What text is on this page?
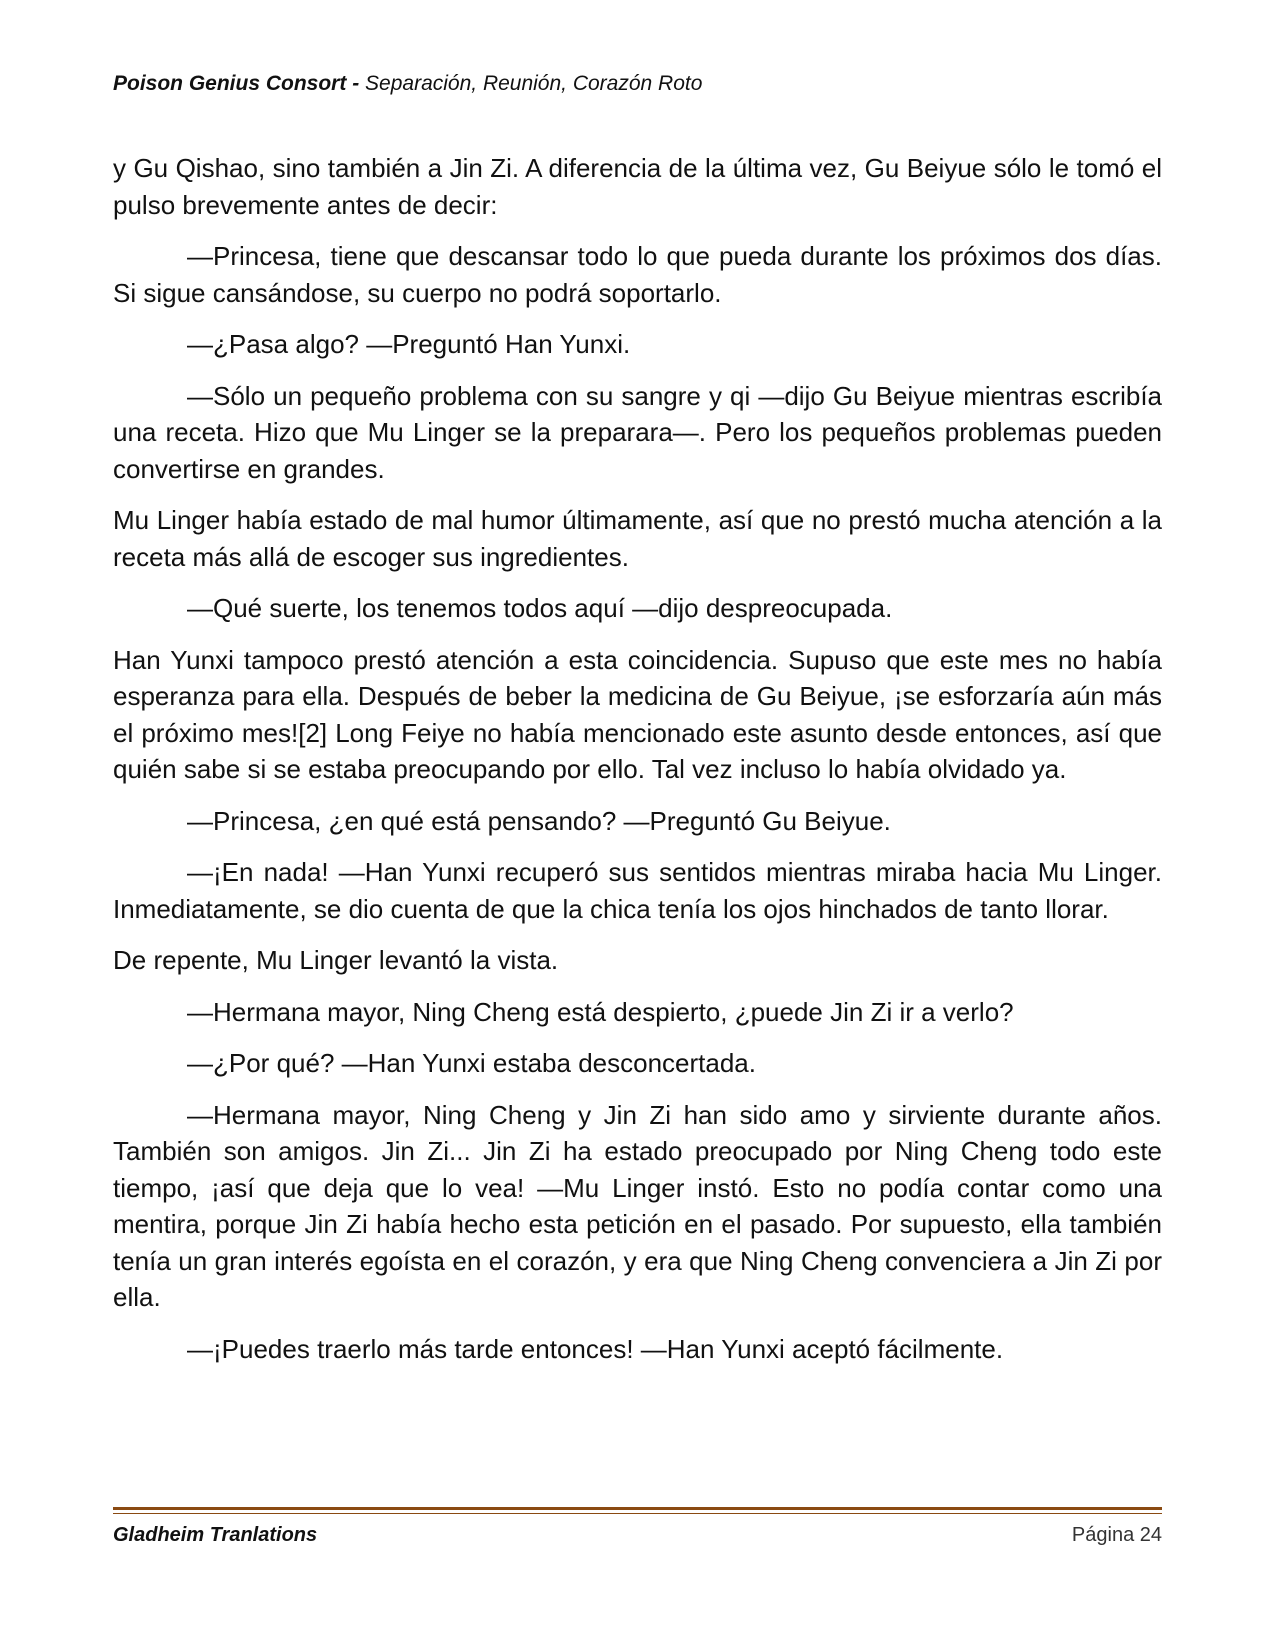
Poison Genius Consort - Separación, Reunión, Corazón Roto

y Gu Qishao, sino también a Jin Zi. A diferencia de la última vez, Gu Beiyue sólo le tomó el pulso brevemente antes de decir:

—Princesa, tiene que descansar todo lo que pueda durante los próximos dos días. Si sigue cansándose, su cuerpo no podrá soportarlo.

—¿Pasa algo? —Preguntó Han Yunxi.

—Sólo un pequeño problema con su sangre y qi —dijo Gu Beiyue mientras escribía una receta. Hizo que Mu Linger se la preparara—. Pero los pequeños problemas pueden convertirse en grandes.

Mu Linger había estado de mal humor últimamente, así que no prestó mucha atención a la receta más allá de escoger sus ingredientes.

—Qué suerte, los tenemos todos aquí —dijo despreocupada.

Han Yunxi tampoco prestó atención a esta coincidencia. Supuso que este mes no había esperanza para ella. Después de beber la medicina de Gu Beiyue, ¡se esforzaría aún más el próximo mes![2] Long Feiye no había mencionado este asunto desde entonces, así que quién sabe si se estaba preocupando por ello. Tal vez incluso lo había olvidado ya.

—Princesa, ¿en qué está pensando? —Preguntó Gu Beiyue.

—¡En nada! —Han Yunxi recuperó sus sentidos mientras miraba hacia Mu Linger. Inmediatamente, se dio cuenta de que la chica tenía los ojos hinchados de tanto llorar.

De repente, Mu Linger levantó la vista.

—Hermana mayor, Ning Cheng está despierto, ¿puede Jin Zi ir a verlo?

—¿Por qué? —Han Yunxi estaba desconcertada.

—Hermana mayor, Ning Cheng y Jin Zi han sido amo y sirviente durante años. También son amigos. Jin Zi... Jin Zi ha estado preocupado por Ning Cheng todo este tiempo, ¡así que deja que lo vea! —Mu Linger instó. Esto no podía contar como una mentira, porque Jin Zi había hecho esta petición en el pasado. Por supuesto, ella también tenía un gran interés egoísta en el corazón, y era que Ning Cheng convenciera a Jin Zi por ella.

—¡Puedes traerlo más tarde entonces! —Han Yunxi aceptó fácilmente.

Gladheim Tranlations	Página 24
